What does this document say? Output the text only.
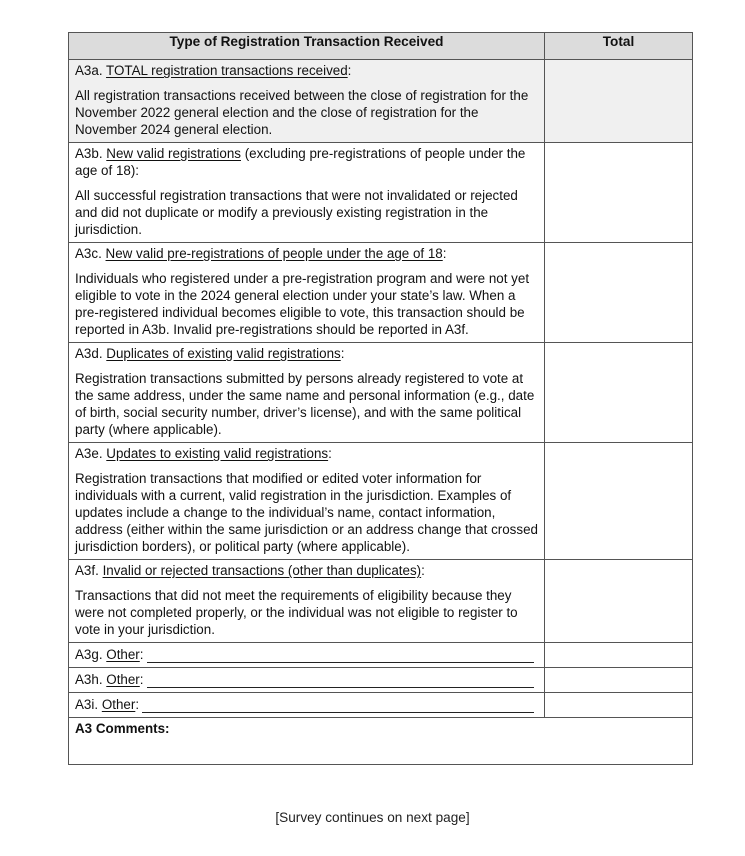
Type of Registration Transaction Received	Total

A3a. TOTAL registration transactions received:
All registration transactions received between the close of registration for the November 2022 general election and the close of registration for the November 2024 general election.	

A3b. New valid registrations (excluding pre-registrations of people under the age of 18):
All successful registration transactions that were not invalidated or rejected and did not duplicate or modify a previously existing registration in the jurisdiction.	

A3c. New valid pre-registrations of people under the age of 18:
Individuals who registered under a pre-registration program and were not yet eligible to vote in the 2024 general election under your state’s law. When a pre-registered individual becomes eligible to vote, this transaction should be reported in A3b. Invalid pre-registrations should be reported in A3f.	

A3d. Duplicates of existing valid registrations:
Registration transactions submitted by persons already registered to vote at the same address, under the same name and personal information (e.g., date of birth, social security number, driver’s license), and with the same political party (where applicable).	

A3e. Updates to existing valid registrations:
Registration transactions that modified or edited voter information for individuals with a current, valid registration in the jurisdiction. Examples of updates include a change to the individual’s name, contact information, address (either within the same jurisdiction or an address change that crossed jurisdiction borders), or political party (where applicable).	

A3f. Invalid or rejected transactions (other than duplicates):
Transactions that did not meet the requirements of eligibility because they were not completed properly, or the individual was not eligible to register to vote in your jurisdiction.	

A3g.
Other :	

A3h.
Other :	

A3i.
Other :	

A3 Comments:	
[Survey continues on next page]
